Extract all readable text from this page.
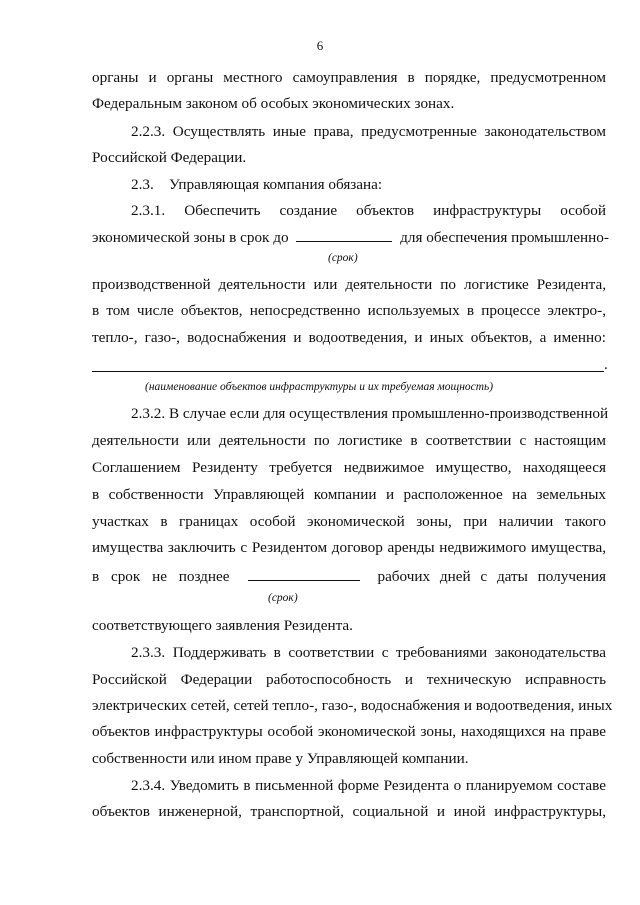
6
органы и органы местного самоуправления в порядке, предусмотренном
Федеральным законом об особых экономических зонах.
2.2.3. Осуществлять иные права, предусмотренные законодательством
Российской Федерации.
2.3.    Управляющая компания обязана:
2.3.1. Обеспечить создание объектов инфраструктуры особой
экономической зоны в срок до	для обеспечения промышленно-
(срок)
производственной деятельности или деятельности по логистике Резидента,
в том числе объектов, непосредственно используемых в процессе электро-,
тепло-, газо-, водоснабжения и водоотведения, и иных объектов, а именно:
.
(наименование объектов инфраструктуры и их требуемая мощность)
2.3.2. В случае если для осуществления промышленно-производственной
деятельности или деятельности по логистике в соответствии с настоящим
Соглашением Резиденту требуется недвижимое имущество, находящееся
в собственности Управляющей компании и расположенное на земельных
участках в границах особой экономической зоны, при наличии такого
имущества заключить с Резидентом договор аренды недвижимого имущества,
в срок не позднее	рабочих дней с даты получения
(срок)
соответствующего заявления Резидента.
2.3.3. Поддерживать в соответствии с требованиями законодательства
Российской Федерации работоспособность и техническую исправность
электрических сетей, сетей тепло-, газо-, водоснабжения и водоотведения, иных
объектов инфраструктуры особой экономической зоны, находящихся на праве
собственности или ином праве у Управляющей компании.
2.3.4. Уведомить в письменной форме Резидента о планируемом составе
объектов инженерной, транспортной, социальной и иной инфраструктуры,
